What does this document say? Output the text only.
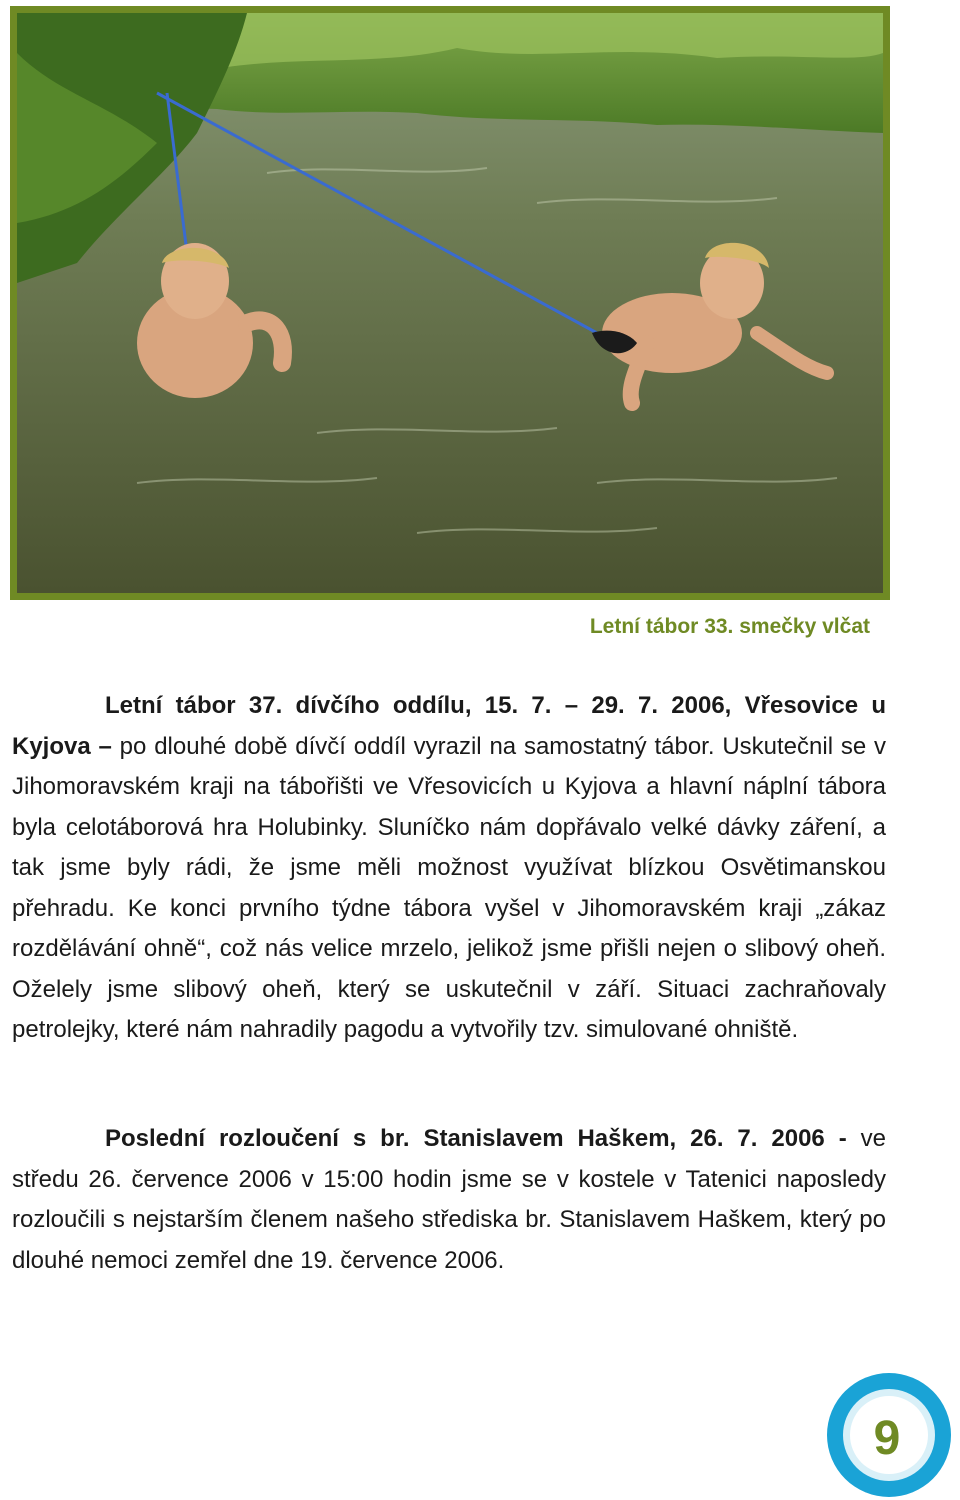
Letní tábor 33. smečky vlčat

Letní tábor 37. dívčího oddílu, 15. 7. – 29. 7. 2006, Vřesovice u Kyjova – po dlouhé době dívčí oddíl vyrazil na samostatný tábor. Uskutečnil se v Jihomoravském kraji na tábořišti ve Vřesovicích u Kyjova a hlavní náplní tábora byla celotáborová hra Holubinky. Sluníčko nám dopřávalo velké dávky záření, a tak jsme byly rádi, že jsme měli možnost využívat blízkou Osvětimanskou přehradu. Ke konci prvního týdne tábora vyšel v Jihomoravském kraji „zákaz rozdělávání ohně“, což nás velice mrzelo, jelikož jsme přišli nejen o slibový oheň. Oželely jsme slibový oheň, který se uskutečnil v září. Situaci zachraňovaly petrolejky, které nám nahradily pagodu a vytvořily tzv. simulované ohniště.

Poslední rozloučení s br. Stanislavem Haškem, 26. 7. 2006 - ve středu 26. července 2006 v 15:00 hodin jsme se v kostele v Tatenici naposledy rozloučili s nejstarším členem našeho střediska br. Stanislavem Haškem, který po dlouhé nemoci zemřel dne 19. července 2006.

9
